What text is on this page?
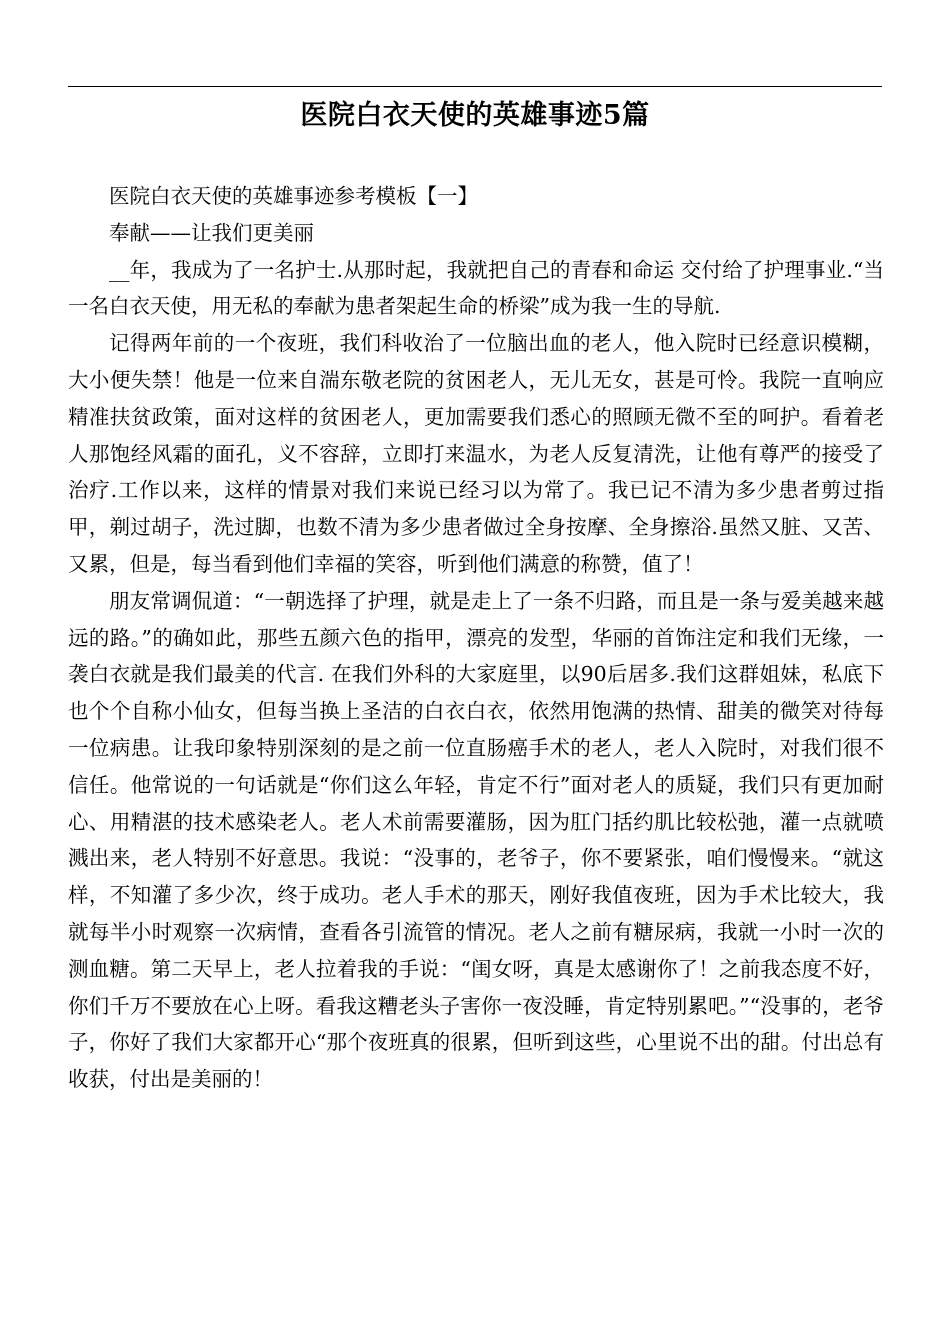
医院白衣天使的英雄事迹5篇

医院白衣天使的英雄事迹参考模板【一】

奉献——让我们更美丽

__年，我成为了一名护士.从那时起，我就把自己的青春和命运 交付给了护理事业.“当一名白衣天使，用无私的奉献为患者架起生命的桥梁”成为我一生的导航.

记得两年前的一个夜班，我们科收治了一位脑出血的老人，他入院时已经意识模糊，大小便失禁！他是一位来自湍东敬老院的贫困老人，无儿无女，甚是可怜。我院一直响应精准扶贫政策，面对这样的贫困老人，更加需要我们悉心的照顾无微不至的呵护。看着老人那饱经风霜的面孔，义不容辞，立即打来温水，为老人反复清洗，让他有尊严的接受了治疗.工作以来，这样的情景对我们来说已经习以为常了。我已记不清为多少患者剪过指甲，剃过胡子，洗过脚，也数不清为多少患者做过全身按摩、全身擦浴.虽然又脏、又苦、又累，但是，每当看到他们幸福的笑容，听到他们满意的称赞，值了！

朋友常调侃道：“一朝选择了护理，就是走上了一条不归路，而且是一条与爱美越来越远的路。”的确如此，那些五颜六色的指甲，漂亮的发型，华丽的首饰注定和我们无缘，一袭白衣就是我们最美的代言. 在我们外科的大家庭里，以90后居多.我们这群姐妹，私底下也个个自称小仙女，但每当换上圣洁的白衣白衣，依然用饱满的热情、甜美的微笑对待每一位病患。让我印象特别深刻的是之前一位直肠癌手术的老人，老人入院时，对我们很不信任。他常说的一句话就是“你们这么年轻，肯定不行”面对老人的质疑，我们只有更加耐心、用精湛的技术感染老人。老人术前需要灌肠，因为肛门括约肌比较松弛，灌一点就喷溅出来，老人特别不好意思。我说：“没事的，老爷子，你不要紧张，咱们慢慢来。“就这样，不知灌了多少次，终于成功。老人手术的那天，刚好我值夜班，因为手术比较大，我就每半小时观察一次病情，查看各引流管的情况。老人之前有糖尿病，我就一小时一次的测血糖。第二天早上，老人拉着我的手说：“闺女呀，真是太感谢你了！之前我态度不好，你们千万不要放在心上呀。看我这糟老头子害你一夜没睡，肯定特别累吧。”“没事的，老爷子，你好了我们大家都开心“那个夜班真的很累，但听到这些，心里说不出的甜。付出总有收获，付出是美丽的！
